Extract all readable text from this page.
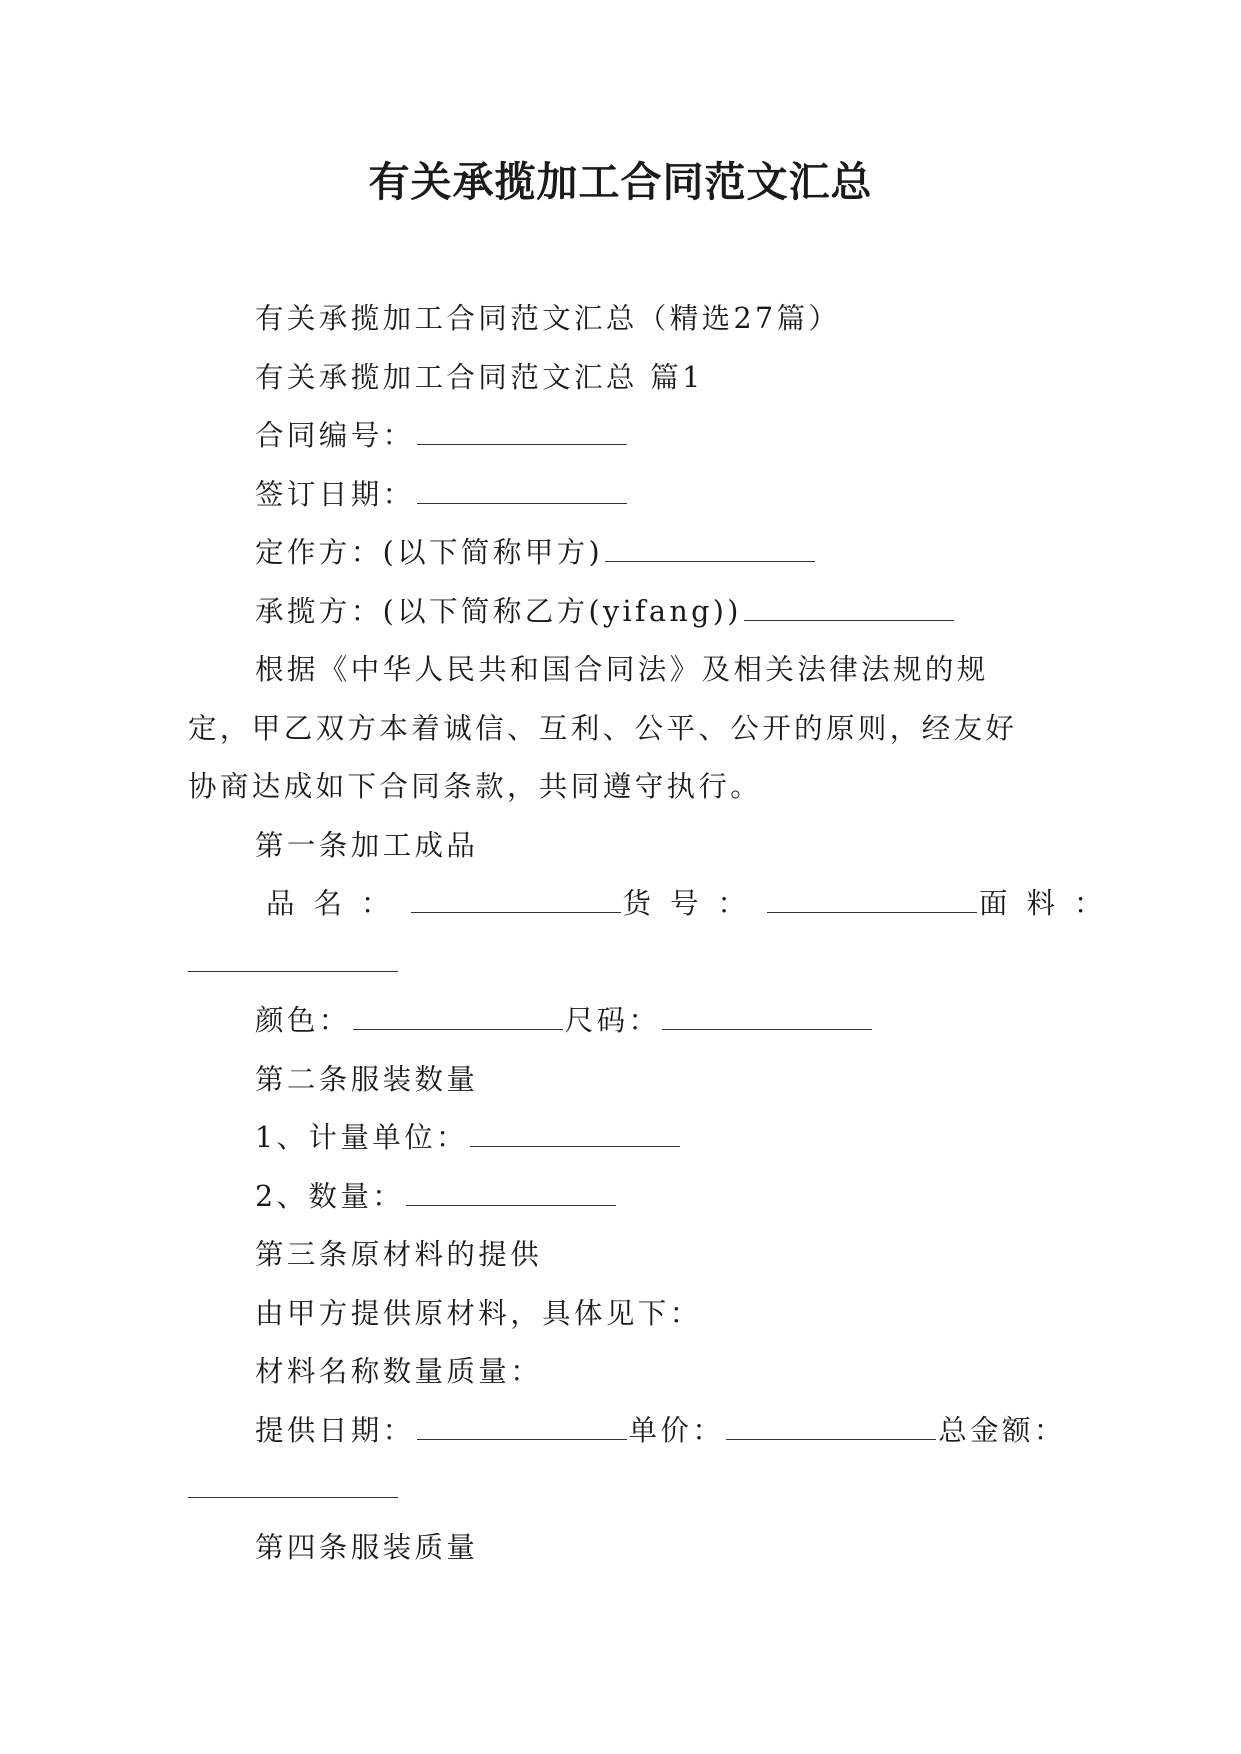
有关承揽加工合同范文汇总
有关承揽加工合同范文汇总（精选27篇）
有关承揽加工合同范文汇总 篇1
合同编号：
签订日期：
定作方：(以下简称甲方)
承揽方：(以下简称乙方(yifang))
根据《中华人民共和国合同法》及相关法律法规的规定，甲乙双方本着诚信、互利、公平、公开的原则，经友好协商达成如下合同条款，共同遵守执行。
第一条加工成品
品名：	货号：	面料：
颜色：	尺码：
第二条服装数量
1、计量单位：
2、数量：
第三条原材料的提供
由甲方提供原材料，具体见下：
材料名称数量质量：
提供日期：	单价：	总金额：
第四条服装质量
